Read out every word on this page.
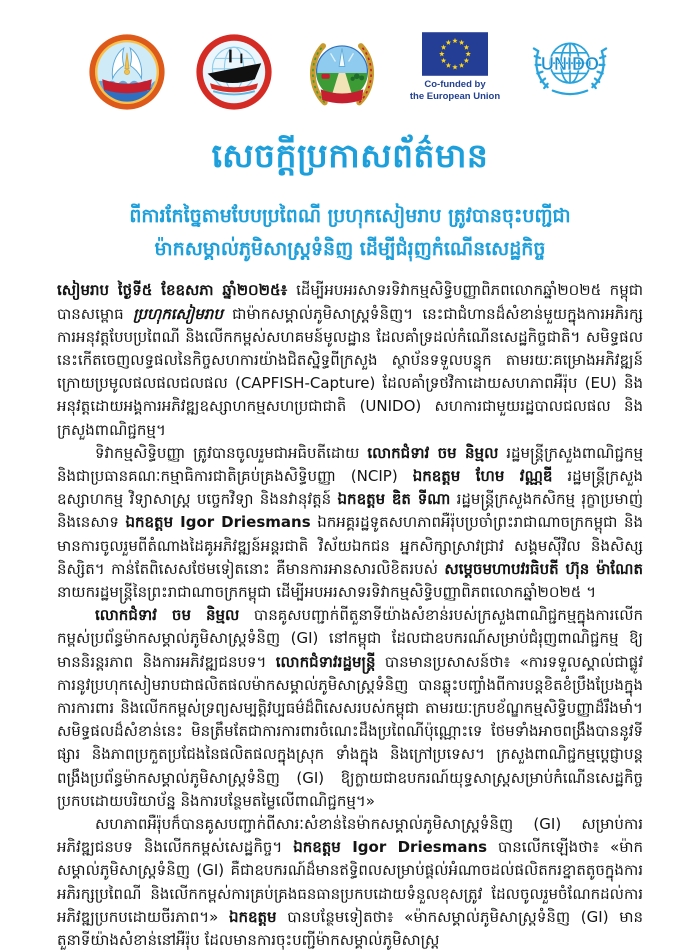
Co-funded by
the European Union
UNIDO
សេចក្តីប្រកាសព័ត៌មាន
ពីការកែច្នៃតាមបែបប្រពៃណី ប្រហុកសៀមរាប ត្រូវបានចុះបញ្ជីជា
ម៉ាកសម្គាល់ភូមិសាស្ត្រទំនិញ ដើម្បីជំរុញកំណើនសេដ្ឋកិច្ច

សៀមរាប ថ្ងៃទី៥ ខែឧសភា ឆ្នាំ២០២៥៖ ដើម្បីអបអរសាទរទិវាកម្មសិទ្ធិបញ្ញាពិភពលោកឆ្នាំ២០២៥ កម្ពុជាបានសម្ពោធ ប្រហុកសៀមរាប ជាម៉ាកសម្គាល់ភូមិសាស្ត្រទំនិញ។ នេះជាជំហានដ៏សំខាន់មួយក្នុងការអភិរក្សការអនុវត្តបែបប្រពៃណី និងលើកកម្ពស់សហគមន៍មូលដ្ឋាន ដែលគាំទ្រដល់កំណើនសេដ្ឋកិច្ចជាតិ។ សមិទ្ធផលនេះកើតចេញលទ្ធផលនៃកិច្ចសហការយ៉ាងជិតស្និទ្ធពីក្រសួង ស្ថាប័នទទួលបន្ទុក តាមរយៈគម្រោងអភិវឌ្ឍន៍ក្រោយប្រមូលផលផលជលផល (CAPFISH-Capture) ដែលគាំទ្រថវិកាដោយសហភាពអឺរ៉ុប (EU) និងអនុវត្តដោយអង្គការអភិវឌ្ឍឧស្សាហកម្មសហប្រជាជាតិ (UNIDO) សហការជាមួយរដ្ឋបាលជលផល និងក្រសួងពាណិជ្ជកម្ម។

ទិវាកម្មសិទ្ធិបញ្ញា ត្រូវបានចូលរួមជាអធិបតីដោយ លោកជំទាវ ចម និម្មល រដ្ឋមន្ត្រីក្រសួងពាណិជ្ជកម្ម និងជាប្រធានគណៈកម្មាធិការជាតិគ្រប់គ្រងសិទ្ធិបញ្ញា (NCIP) ឯកឧត្តម ហែម វណ្ណឌី រដ្ឋមន្ត្រីក្រសួងឧស្សាហកម្ម វិទ្យាសាស្ត្រ បច្ចេកវិទ្យា និងនវានុវត្តន៍ ឯកឧត្តម ឌិត ទីណា រដ្ឋមន្ត្រីក្រសួងកសិកម្ម រុក្ខាប្រមាញ់ និងនេសាទ ឯកឧត្តម Igor Driesmans ឯកអគ្គរដ្ឋទូតសហភាពអឺរ៉ុបប្រចាំព្រះរាជាណាចក្រកម្ពុជា និងមានការចូលរួមពីតំណាងដៃគូអភិវឌ្ឍន៍អន្តរជាតិ វិស័យឯកជន អ្នកសិក្សាស្រាវជ្រាវ សង្គមស៊ីវិល និងសិស្សនិស្សិត។ កាន់តែពិសេសថែមទៀតនោះ គឺមានការអានសារលិខិតរបស់ សម្តេចមហាបវរធិបតី ហ៊ុន ម៉ាណែត នាយករដ្ឋមន្ត្រីនៃព្រះរាជាណាចក្រកម្ពុជា ដើម្បីអបអរសាទរទិវាកម្មសិទ្ធិបញ្ញាពិភពលោកឆ្នាំ២០២៥ ។

លោកជំទាវ ចម និម្មល បានគូសបញ្ជាក់ពីតួនាទីយ៉ាងសំខាន់របស់ក្រសួងពាណិជ្ជកម្មក្នុងការលើកកម្ពស់ប្រព័ន្ធម៉ាកសម្គាល់ភូមិសាស្ត្រទំនិញ (GI) នៅកម្ពុជា ដែលជាឧបករណ៍សម្រាប់ជំរុញពាណិជ្ជកម្ម ឱ្យមាននិរន្តរភាព និងការអភិវឌ្ឍជនបទ។ លោកជំទាវរដ្ឋមន្ត្រី បានមានប្រសាសន៍ថា៖ «ការទទួលស្គាល់ជាផ្លូវការនូវប្រហុកសៀមរាបជាផលិតផលម៉ាកសម្គាល់ភូមិសាស្ត្រទំនិញ បានឆ្លុះបញ្ចាំងពីការបន្តខិតខំប្រឹងប្រែងក្នុងការការពារ និងលើកកម្ពស់ទ្រព្យសម្បត្តិវប្បធម៌ដ៏ពិសេសរបស់កម្ពុជា តាមរយៈក្របខ័ណ្ឌកម្មសិទ្ធិបញ្ញាដ៏រឹងមាំ។ សមិទ្ធផលដ៏សំខាន់នេះ មិនត្រឹមតែជាការការពារចំណេះដឹងប្រពៃណីប៉ុណ្ណោះទេ ថែមទាំងអាចពង្រឹងបាននូវទីផ្សារ និងភាពប្រកួតប្រជែងនៃផលិតផលក្នុងស្រុក ទាំងក្នុង និងក្រៅប្រទេស។ ក្រសួងពាណិជ្ជកម្មប្តេជ្ញាបន្តពង្រឹងប្រព័ន្ធម៉ាកសម្គាល់ភូមិសាស្ត្រទំនិញ (GI) ឱ្យក្លាយជាឧបករណ៍យុទ្ធសាស្ត្រសម្រាប់កំណើនសេដ្ឋកិច្ចប្រកបដោយបរិយាប័ន្ន និងការបន្ថែមតម្លៃលើពាណិជ្ជកម្ម។»

សហភាពអឺរ៉ុបក៏បានគូសបញ្ជាក់ពីសារៈសំខាន់នៃម៉ាកសម្គាល់ភូមិសាស្ត្រទំនិញ (GI) សម្រាប់ការអភិវឌ្ឍជនបទ និងលើកកម្ពស់សេដ្ឋកិច្ច។ ឯកឧត្តម Igor Driesmans បានលើកឡើងថា៖ «ម៉ាកសម្គាល់ភូមិសាស្ត្រទំនិញ (GI) គឺជាឧបករណ៍ដ៏មានឥទ្ធិពលសម្រាប់ផ្តល់អំណាចដល់ផលិតករខ្នាតតូចក្នុងការអភិរក្សប្រពៃណី និងលើកកម្ពស់ការគ្រប់គ្រងធនធានប្រកបដោយទំនួលខុសត្រូវ ដែលចូលរួមចំណែកដល់ការអភិវឌ្ឍប្រកបដោយចីរភាព។» ឯកឧត្តម បានបន្ថែមទៀតថា៖ «ម៉ាកសម្គាល់ភូមិសាស្ត្រទំនិញ (GI) មានតួនាទីយ៉ាងសំខាន់នៅអឺរ៉ុប ដែលមានការចុះបញ្ជីម៉ាកសម្គាល់ភូមិសាស្ត្រ
